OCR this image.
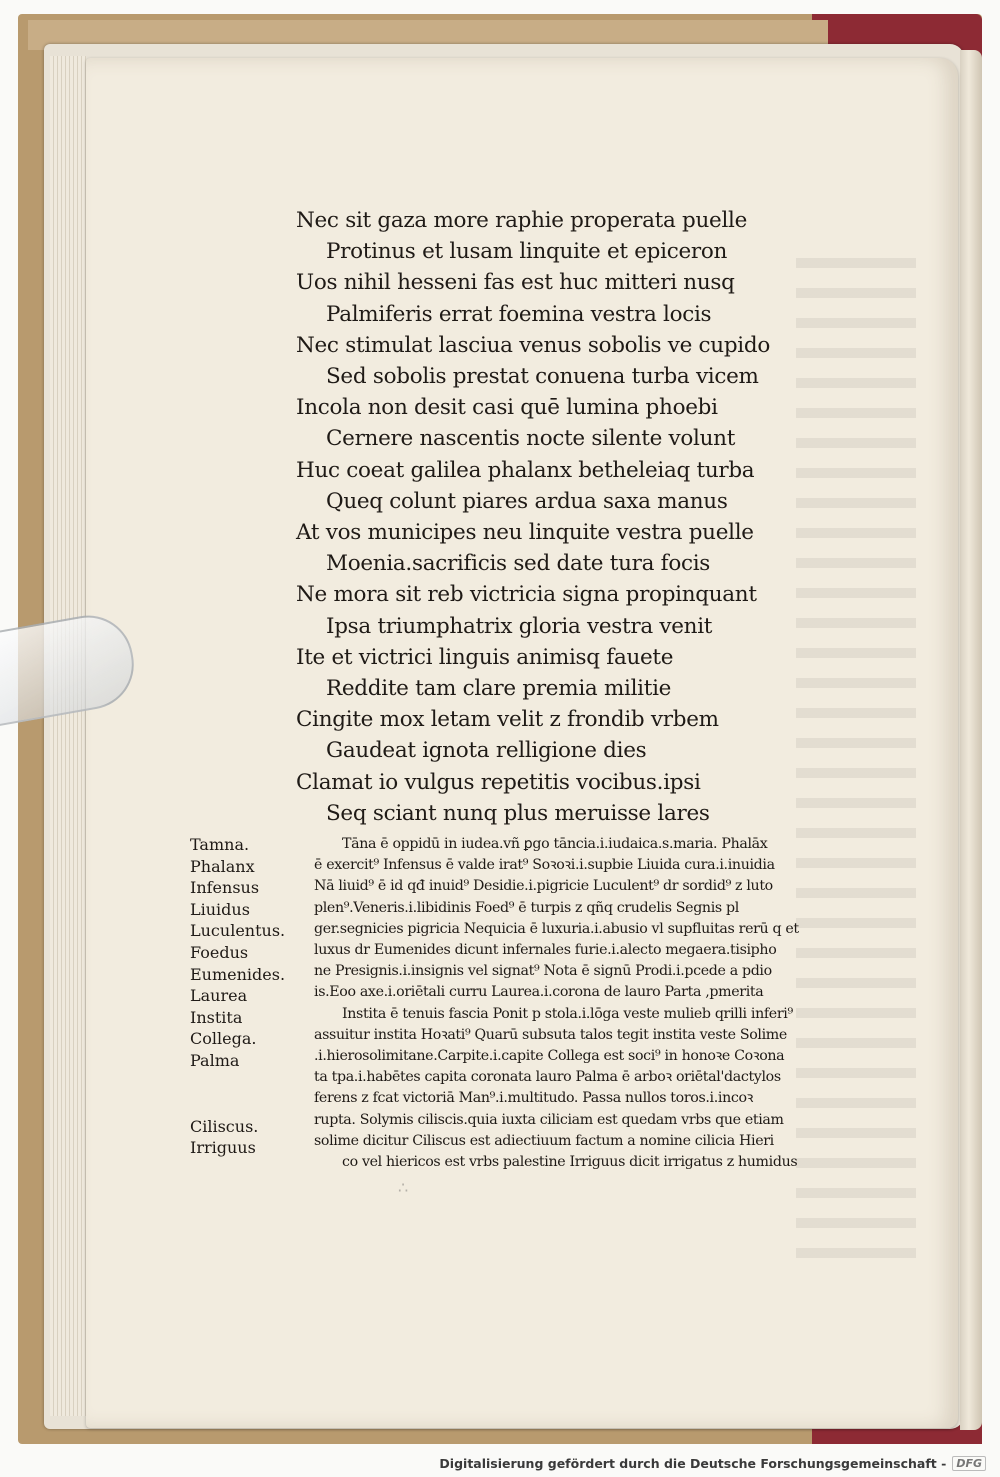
Nec sit gaza more raphie properata puelle
Protinus et lusam linquite et epiceron
Uos nihil hesseni fas est huc mitteri nusq
Palmiferis errat foemina vestra locis
Nec stimulat lasciua venus sobolis ve cupido
Sed sobolis prestat conuena turba vicem
Incola non desit casi quē lumina phoebi
Cernere nascentis nocte silente volunt
Huc coeat galilea phalanx betheleiaq turba
Queq colunt piares ardua saxa manus
At vos municipes neu linquite vestra puelle
Moenia.sacrificis sed date tura focis
Ne mora sit reb victricia signa propinquant
Ipsa triumphatrix gloria vestra venit
Ite et victrici linguis animisq fauete
Reddite tam clare premia militie
Cingite mox letam velit z frondib vrbem
Gaudeat ignota relligione dies
Clamat io vulgus repetitis vocibus.ipsi
Seq sciant nunq plus meruisse lares
Tamna.
Phalanx
Infensus
Liuidus
Luculentus.
Foedus
Eumenides.
Laurea
Instita
Collega.
Palma
Ciliscus.
Irriguus
Tāna ē oppidū in iudea.vñ ꝑgo tāncia.i.iudaica.s.maria. Phalāx
ē exercit⁹ Infensus ē valde irat⁹ Soꝛoꝛi.i.supbie Liuida cura.i.inuidia
Nā liuid⁹ ē id qđ inuid⁹ Desidie.i.pigricie Luculent⁹ dr sordid⁹ z luto
plen⁹.Veneris.i.libidinis Foed⁹ ē turpis z qñq crudelis Segnis pl
ger.segnicies pigricia Nequicia ē luxuria.i.abusio vl supfluitas rerū q et
luxus dr Eumenides dicunt infernales furie.i.alecto megaera.tisipho
ne Presignis.i.insignis vel signat⁹ Nota ē signū Prodi.i.pcede a pdio
is.Eoo axe.i.oriētali curru Laurea.i.corona de lauro Parta ,pmerita
Instita ē tenuis fascia Ponit p stola.i.lōga veste mulieb qrilli inferi⁹
assuitur instita Hoꝛati⁹ Quarū subsuta talos tegit instita veste Solime
.i.hierosolimitane.Carpite.i.capite Collega est soci⁹ in honoꝛe Coꝛona
ta tpa.i.habētes capita coronata lauro Palma ē arboꝛ oriētal'dactylos
ferens z fcat victoriā Man⁹.i.multitudo. Passa nullos toros.i.incoꝛ
rupta. Solymis ciliscis.quia iuxta ciliciam est quedam vrbs que etiam
solime dicitur Ciliscus est adiectiuum factum a nomine cilicia Hieri
co vel hiericos est vrbs palestine Irriguus dicit irrigatus z humidus
∴
Digitalisierung gefördert durch die Deutsche Forschungsgemeinschaft - DFG
